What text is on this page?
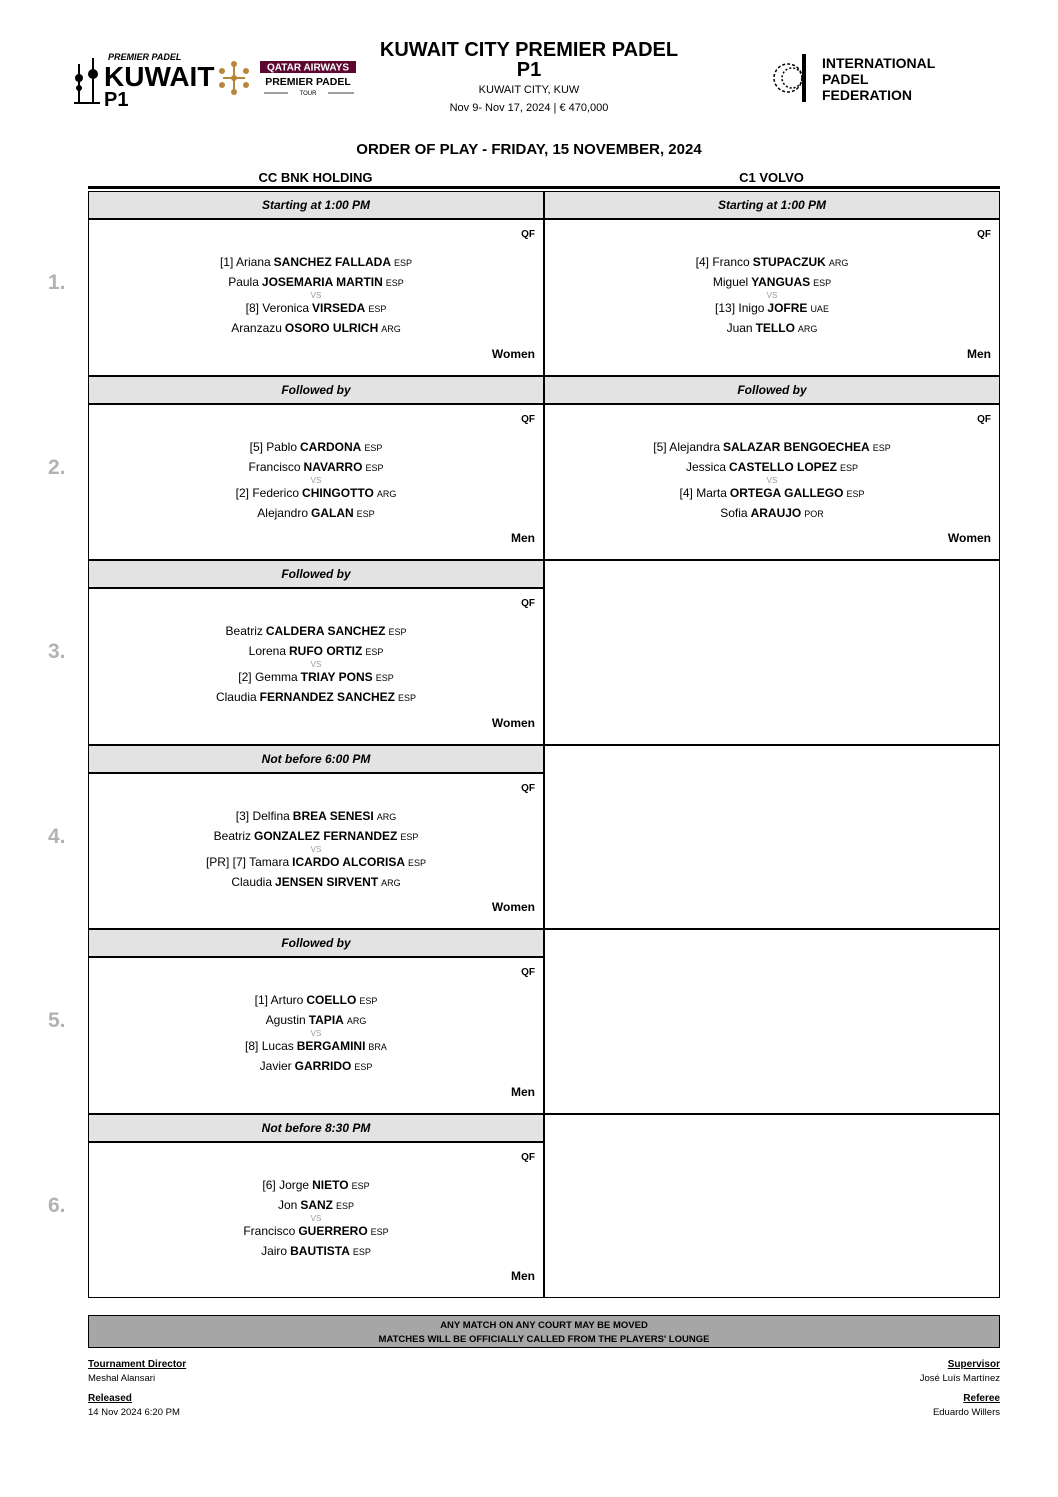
PREMIER PADEL
KUWAIT
P1
QATAR AIRWAYS
PREMIER PADEL
TOUR
KUWAIT CITY PREMIER PADEL
P1
KUWAIT CITY, KUW
Nov 9- Nov 17, 2024 | € 470,000
INTERNATIONAL
PADEL
FEDERATION
ORDER OF PLAY - FRIDAY, 15 NOVEMBER, 2024
CC BNK HOLDING	C1 VOLVO
Starting at 1:00 PM
QF
[1] Ariana SANCHEZ FALLADA ESP
Paula JOSEMARIA MARTIN ESP
VS
[8] Veronica VIRSEDA ESP
Aranzazu OSORO ULRICH ARG
Women
Starting at 1:00 PM
QF
[4] Franco STUPACZUK ARG
Miguel YANGUAS ESP
VS
[13] Inigo JOFRE UAE
Juan TELLO ARG
Men
Followed by
QF
[5] Pablo CARDONA ESP
Francisco NAVARRO ESP
VS
[2] Federico CHINGOTTO ARG
Alejandro GALAN ESP
Men
Followed by
QF
[5] Alejandra SALAZAR BENGOECHEA ESP
Jessica CASTELLO LOPEZ ESP
VS
[4] Marta ORTEGA GALLEGO ESP
Sofia ARAUJO POR
Women
Followed by
QF
Beatriz CALDERA SANCHEZ ESP
Lorena RUFO ORTIZ ESP
VS
[2] Gemma TRIAY PONS ESP
Claudia FERNANDEZ SANCHEZ ESP
Women
Not before 6:00 PM
QF
[3] Delfina BREA SENESI ARG
Beatriz GONZALEZ FERNANDEZ ESP
VS
[PR] [7] Tamara ICARDO ALCORISA ESP
Claudia JENSEN SIRVENT ARG
Women
Followed by
QF
[1] Arturo COELLO ESP
Agustin TAPIA ARG
VS
[8] Lucas BERGAMINI BRA
Javier GARRIDO ESP
Men
Not before 8:30 PM
QF
[6] Jorge NIETO ESP
Jon SANZ ESP
VS
Francisco GUERRERO ESP
Jairo BAUTISTA ESP
Men
ANY MATCH ON ANY COURT MAY BE MOVED
MATCHES WILL BE OFFICIALLY CALLED FROM THE PLAYERS' LOUNGE
Tournament Director
Meshal Alansari
Released
14 Nov 2024 6:20 PM
Supervisor
José Luís Martínez
Referee
Eduardo Willers
1.
2.
3.
4.
5.
6.
